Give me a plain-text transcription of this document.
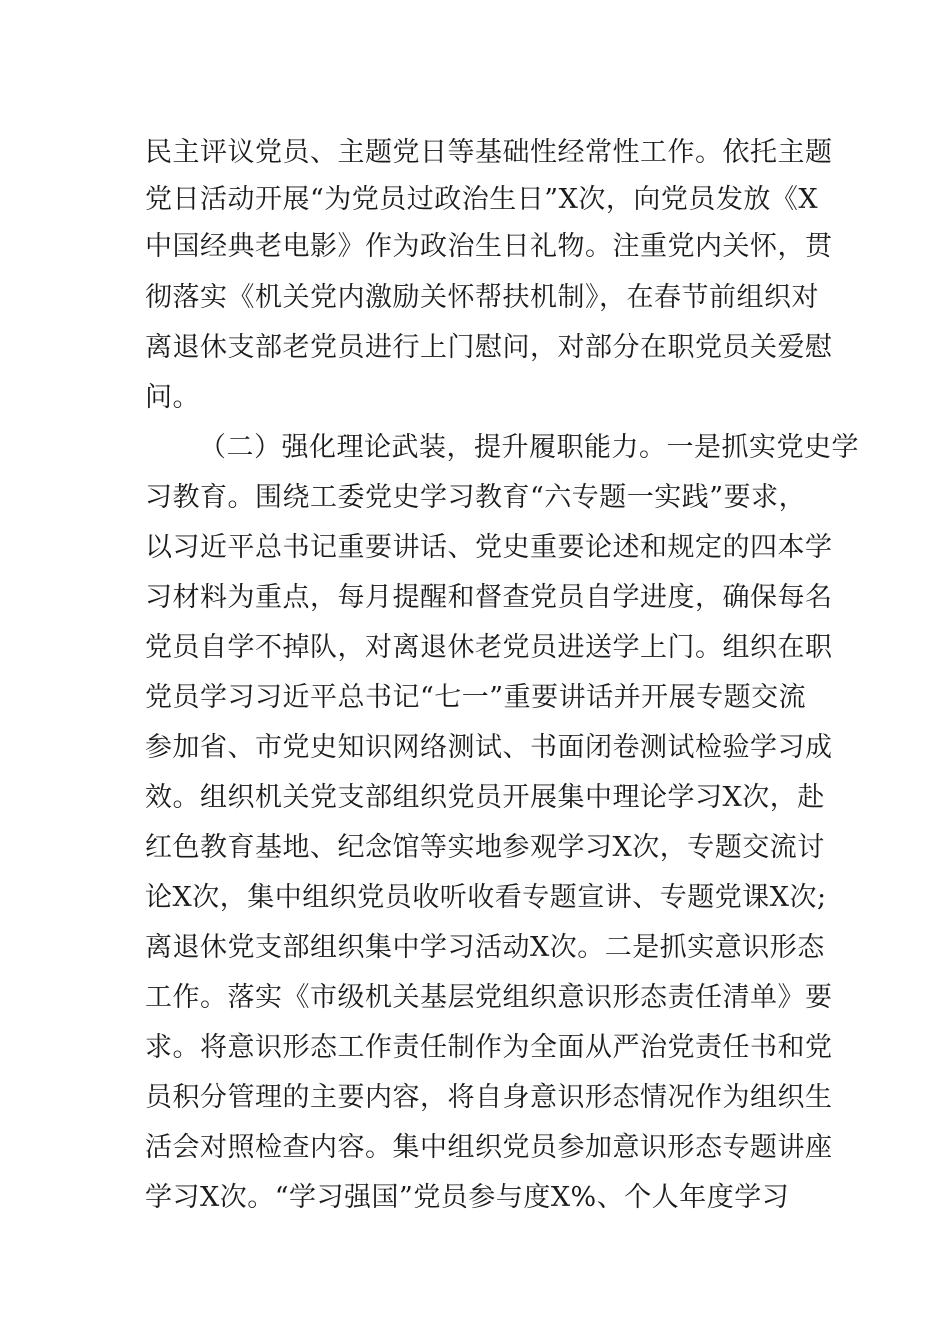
民主评议党员、主题党日等基础性经常性工作。依托主题
党日活动开展“为党员过政治生日”X次，向党员发放《X
中国经典老电影》作为政治生日礼物。注重党内关怀，贯
彻落实《机关党内激励关怀帮扶机制》，在春节前组织对
离退休支部老党员进行上门慰问，对部分在职党员关爱慰
问。
（二）强化理论武装，提升履职能力。一是抓实党史学
习教育。围绕工委党史学习教育“六专题一实践”要求，
以习近平总书记重要讲话、党史重要论述和规定的四本学
习材料为重点，每月提醒和督查党员自学进度，确保每名
党员自学不掉队，对离退休老党员进送学上门。组织在职
党员学习习近平总书记“七一”重要讲话并开展专题交流
参加省、市党史知识网络测试、书面闭卷测试检验学习成
效。组织机关党支部组织党员开展集中理论学习X次，赴
红色教育基地、纪念馆等实地参观学习X次，专题交流讨
论X次，集中组织党员收听收看专题宣讲、专题党课X次;
离退休党支部组织集中学习活动X次。二是抓实意识形态
工作。落实《市级机关基层党组织意识形态责任清单》要
求。将意识形态工作责任制作为全面从严治党责任书和党
员积分管理的主要内容，将自身意识形态情况作为组织生
活会对照检查内容。集中组织党员参加意识形态专题讲座
学习X次。“学习强国”党员参与度X%、个人年度学习
